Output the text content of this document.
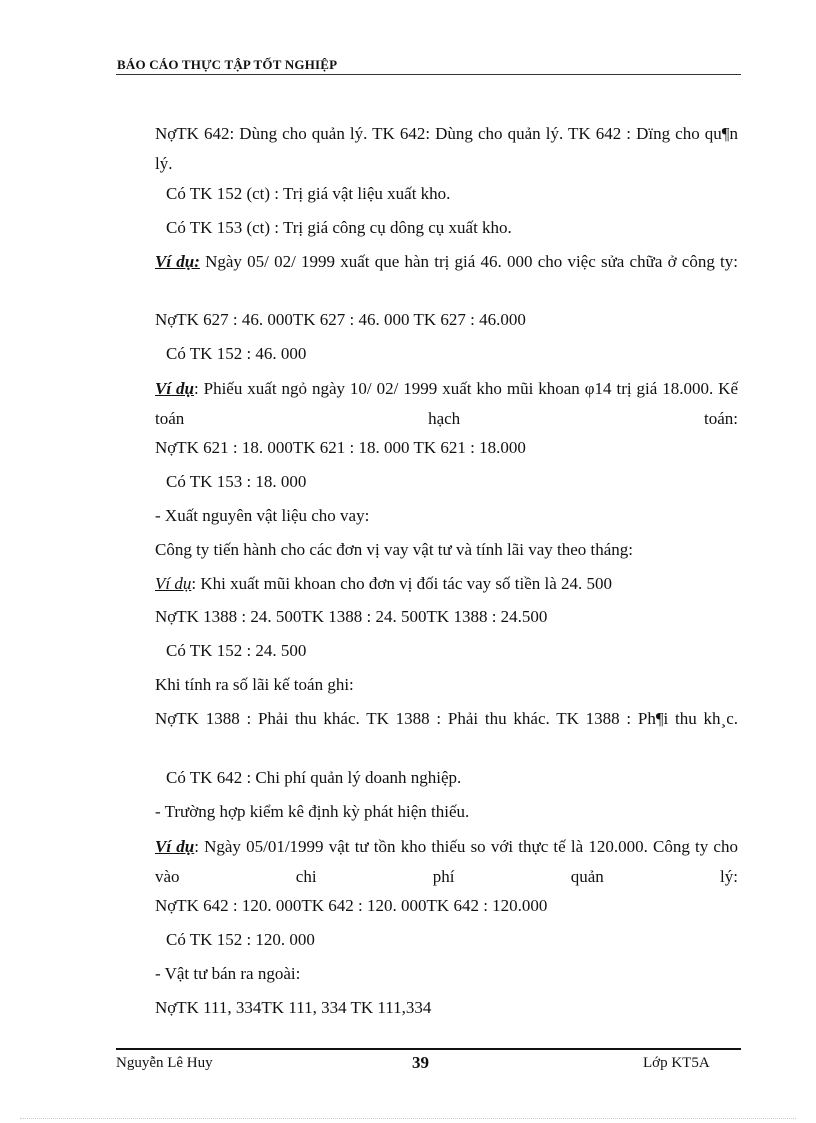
BÁO CÁO THỰC TẬP TỐT NGHIỆP
NợTK 642: Dùng cho quản lý. TK 642: Dùng cho quản lý. TK 642 : Dïng cho qu¶n lý.
Có TK 152 (ct) : Trị giá vật liệu xuất kho.
Có TK 153 (ct) : Trị giá công cụ dông cụ xuất kho.
Ví dụ: Ngày 05/ 02/ 1999 xuất que hàn trị giá 46. 000 cho việc sửa chữa ở công ty:
NợTK 627 : 46. 000TK 627 : 46. 000 TK 627 : 46.000
Có TK 152 : 46. 000
Ví dụ: Phiếu xuất ngỏ ngày 10/ 02/ 1999 xuất kho mũi khoan φ14 trị giá 18.000. Kế toán hạch toán:
NợTK 621 : 18. 000TK 621 : 18. 000 TK 621 : 18.000
Có TK 153 : 18. 000
- Xuất nguyên vật liệu cho vay:
Công ty tiến hành cho các đơn vị vay vật tư và tính lãi vay theo tháng:
Ví dụ: Khi xuất mũi khoan cho đơn vị đối tác vay số tiền là 24. 500
NợTK 1388 : 24. 500TK 1388 : 24. 500TK 1388 : 24.500
Có TK 152 : 24. 500
Khi tính ra số lãi kế toán ghi:
NợTK 1388 : Phải thu khác. TK 1388 : Phải thu khác. TK 1388 : Ph¶i thu kh¸c.
Có TK 642 : Chi phí quản lý doanh nghiệp.
- Trường hợp kiểm kê định kỳ phát hiện thiếu.
Ví dụ: Ngày 05/01/1999 vật tư tồn kho thiếu so với thực tế là 120.000. Công ty cho vào chi phí quản lý:
NợTK 642 : 120. 000TK 642 : 120. 000TK 642 : 120.000
Có TK 152 : 120. 000
- Vật tư bán ra ngoài:
NợTK 111, 334TK 111, 334 TK 111,334
Nguyễn Lê Huy	39	Lớp KT5A
